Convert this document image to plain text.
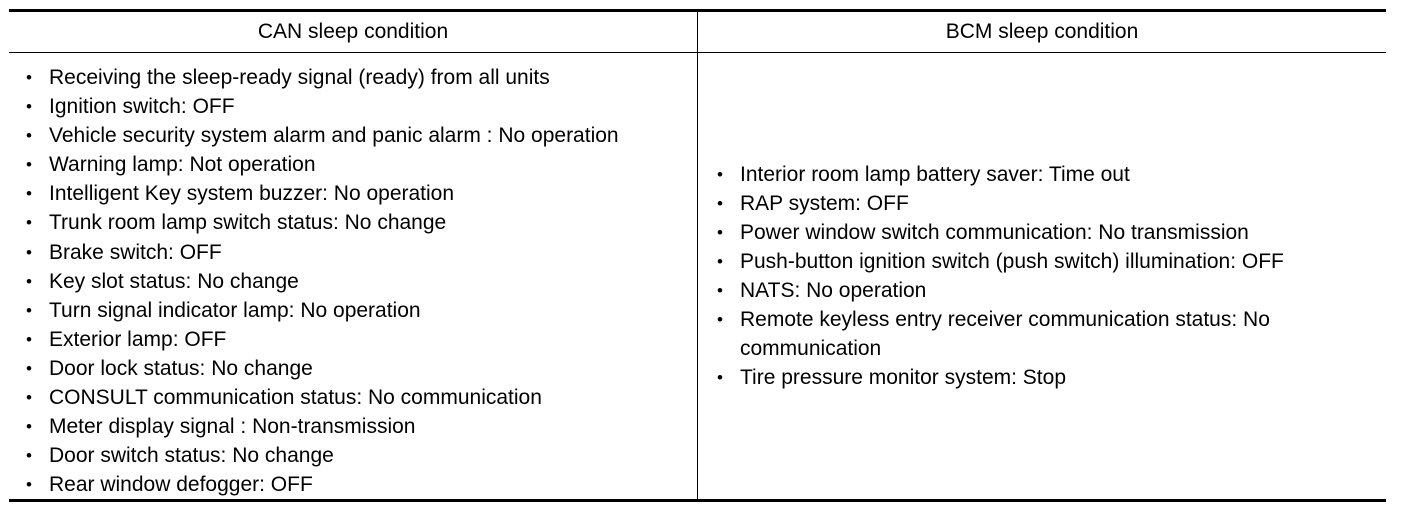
CAN sleep condition	BCM sleep condition
• Receiving the sleep-ready signal (ready) from all units
• Ignition switch: OFF
• Vehicle security system alarm and panic alarm : No operation
• Warning lamp: Not operation
• Intelligent Key system buzzer: No operation
• Trunk room lamp switch status: No change
• Brake switch: OFF
• Key slot status: No change
• Turn signal indicator lamp: No operation
• Exterior lamp: OFF
• Door lock status: No change
• CONSULT communication status: No communication
• Meter display signal : Non-transmission
• Door switch status: No change
• Rear window defogger: OFF
• Interior room lamp battery saver: Time out
• RAP system: OFF
• Power window switch communication: No transmission
• Push-button ignition switch (push switch) illumination: OFF
• NATS: No operation
• Remote keyless entry receiver communication status: No communication
• Tire pressure monitor system: Stop
